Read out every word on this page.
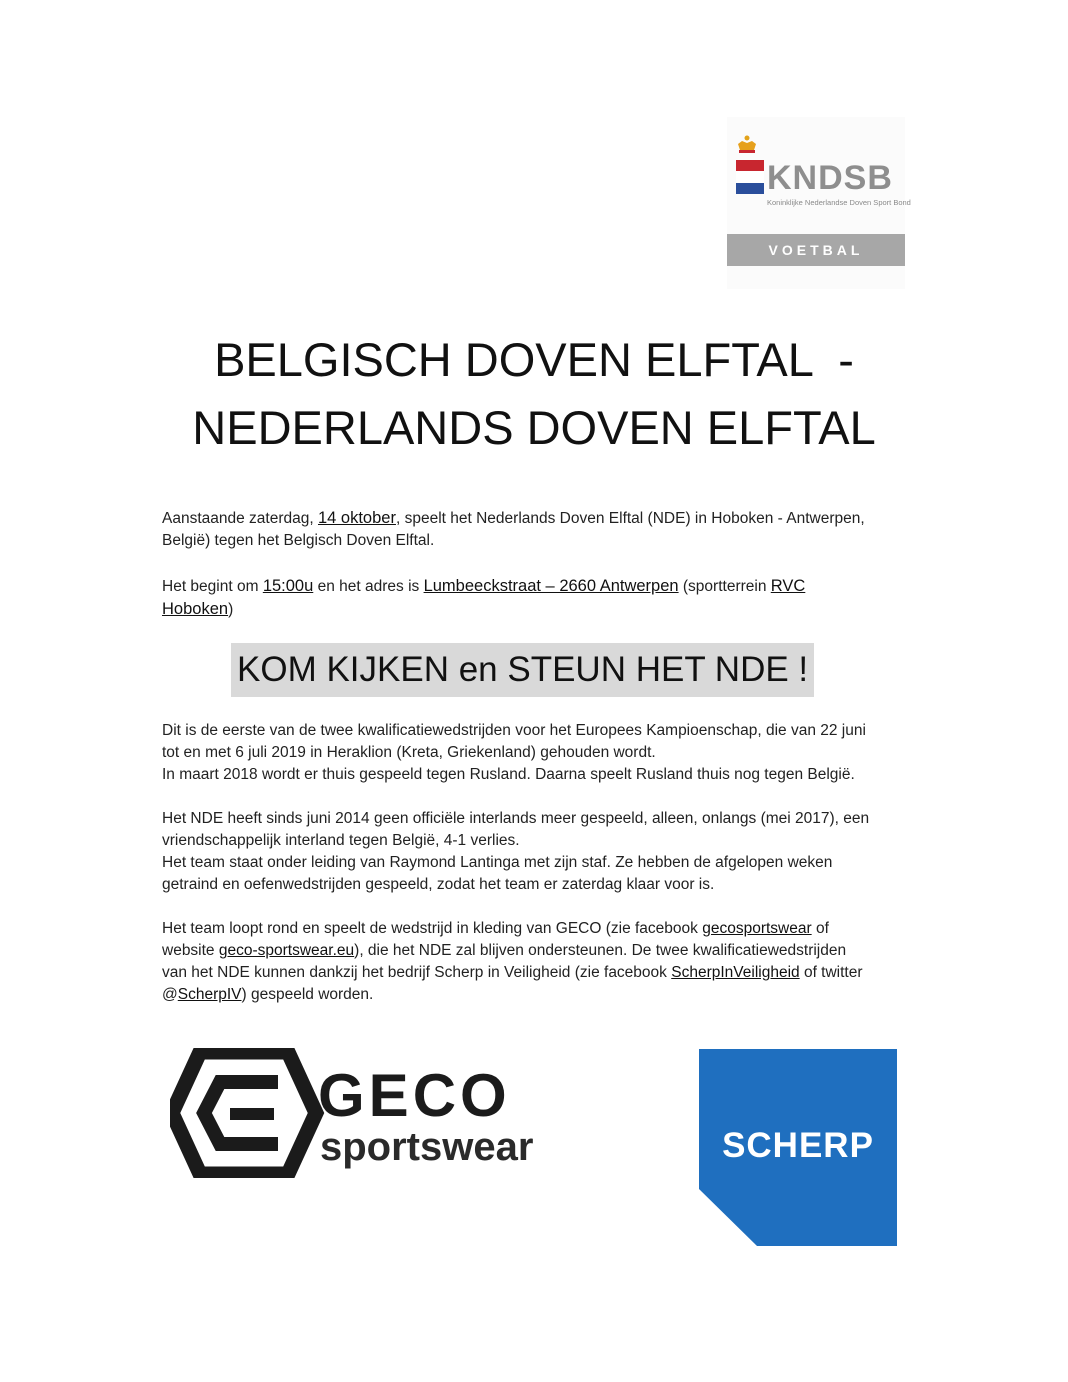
KNDSB
Koninklijke Nederlandse Doven Sport Bond
VOETBAL
BELGISCH DOVEN ELFTAL  -
NEDERLANDS DOVEN ELFTAL

Aanstaande zaterdag, 14 oktober, speelt het Nederlands Doven Elftal (NDE) in Hoboken - Antwerpen,
België) tegen het Belgisch Doven Elftal.

Het begint om 15:00u en het adres is Lumbeeckstraat – 2660 Antwerpen (sportterrein RVC
Hoboken)

KOM KIJKEN en STEUN HET NDE !

Dit is de eerste van de twee kwalificatiewedstrijden voor het Europees Kampioenschap, die van 22 juni
tot en met 6 juli 2019 in Heraklion (Kreta, Griekenland) gehouden wordt.
In maart 2018 wordt er thuis gespeeld tegen Rusland. Daarna speelt Rusland thuis nog tegen België.

Het NDE heeft sinds juni 2014 geen officiële interlands meer gespeeld, alleen, onlangs (mei 2017), een
vriendschappelijk interland tegen België, 4-1 verlies.
Het team staat onder leiding van Raymond Lantinga met zijn staf. Ze hebben de afgelopen weken
getraind en oefenwedstrijden gespeeld, zodat het team er zaterdag klaar voor is.

Het team loopt rond en speelt de wedstrijd in kleding van GECO (zie facebook gecosportswear of
website geco-sportswear.eu), die het NDE zal blijven ondersteunen. De twee kwalificatiewedstrijden
van het NDE kunnen dankzij het bedrijf Scherp in Veiligheid (zie facebook ScherpInVeiligheid of twitter
@ScherpIV) gespeeld worden.

GECO
sportswear	SCHERP
